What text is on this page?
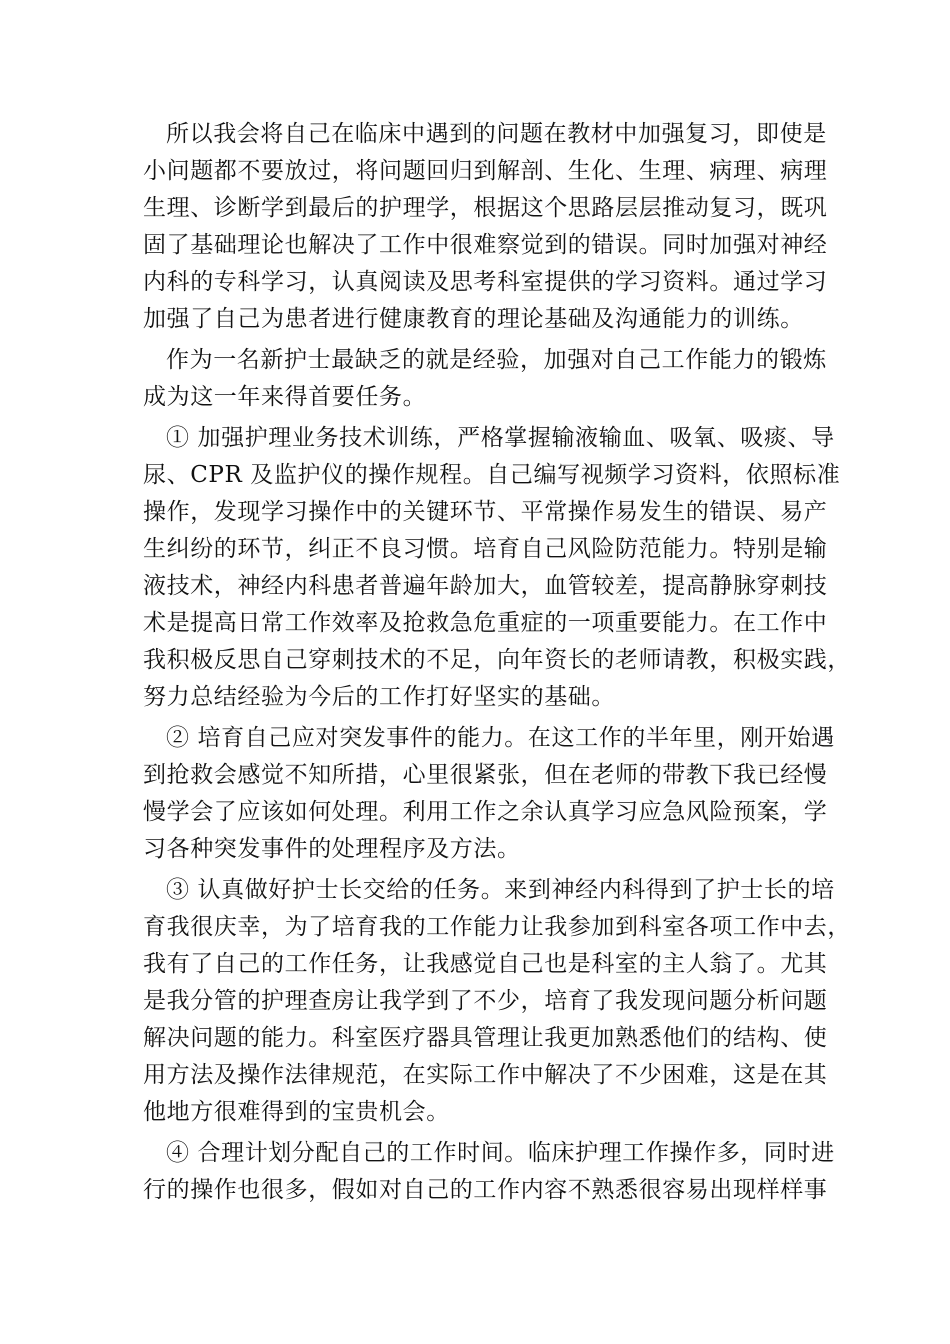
所以我会将自己在临床中遇到的问题在教材中加强复习，即使是
小问题都不要放过，将问题回归到解剖、生化、生理、病理、病理
生理、诊断学到最后的护理学，根据这个思路层层推动复习，既巩
固了基础理论也解决了工作中很难察觉到的错误。同时加强对神经
内科的专科学习，认真阅读及思考科室提供的学习资料。通过学习
加强了自己为患者进行健康教育的理论基础及沟通能力的训练。
作为一名新护士最缺乏的就是经验，加强对自己工作能力的锻炼
成为这一年来得首要任务。
① 加强护理业务技术训练，严格掌握输液输血、吸氧、吸痰、导
尿、CPR 及监护仪的操作规程。自己编写视频学习资料，依照标准
操作，发现学习操作中的关键环节、平常操作易发生的错误、易产
生纠纷的环节，纠正不良习惯。培育自己风险防范能力。特别是输
液技术，神经内科患者普遍年龄加大，血管较差，提高静脉穿刺技
术是提高日常工作效率及抢救急危重症的一项重要能力。在工作中
我积极反思自己穿刺技术的不足，向年资长的老师请教，积极实践，
努力总结经验为今后的工作打好坚实的基础。
② 培育自己应对突发事件的能力。在这工作的半年里，刚开始遇
到抢救会感觉不知所措，心里很紧张，但在老师的带教下我已经慢
慢学会了应该如何处理。利用工作之余认真学习应急风险预案，学
习各种突发事件的处理程序及方法。
③ 认真做好护士长交给的任务。来到神经内科得到了护士长的培
育我很庆幸，为了培育我的工作能力让我参加到科室各项工作中去，
我有了自己的工作任务，让我感觉自己也是科室的主人翁了。尤其
是我分管的护理查房让我学到了不少，培育了我发现问题分析问题
解决问题的能力。科室医疗器具管理让我更加熟悉他们的结构、使
用方法及操作法律规范，在实际工作中解决了不少困难，这是在其
他地方很难得到的宝贵机会。
④ 合理计划分配自己的工作时间。临床护理工作操作多，同时进
行的操作也很多，假如对自己的工作内容不熟悉很容易出现样样事
